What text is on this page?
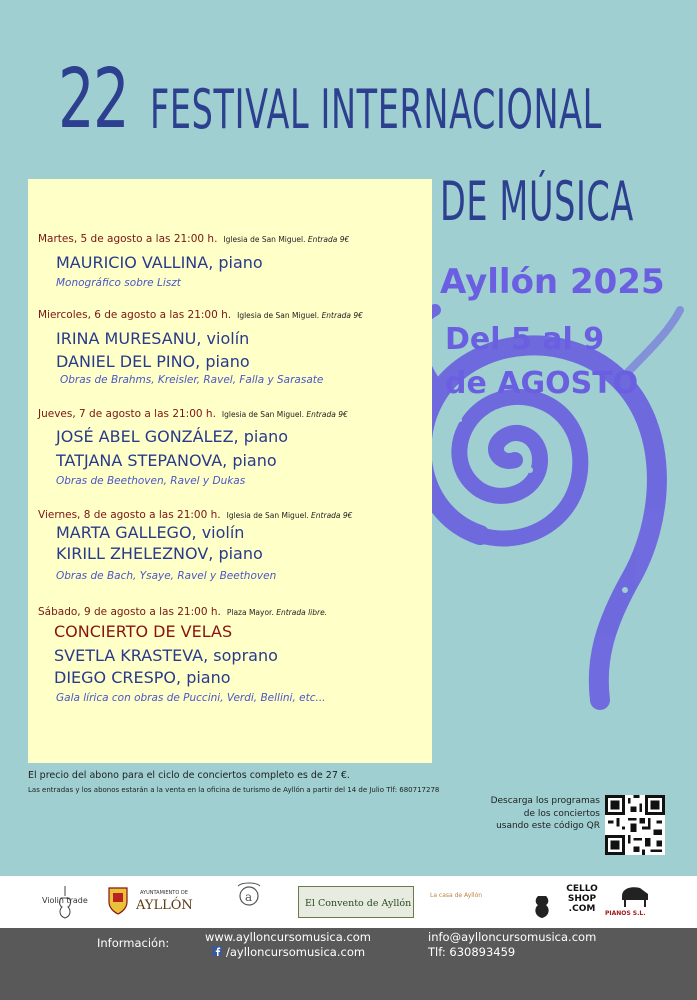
22 FESTIVAL INTERNACIONAL
DE MÚSICA
Ayllón 2025
Del 5 al 9
de AGOSTO
Martes, 5 de agosto a las 21:00 h. Iglesia de San Miguel. Entrada 9€
MAURICIO VALLINA, piano
Monográfico sobre Liszt
Miercoles, 6 de agosto a las 21:00 h. Iglesia de San Miguel. Entrada 9€
IRINA MURESANU, violín
DANIEL DEL PINO, piano
Obras de Brahms, Kreisler, Ravel, Falla y Sarasate
Jueves, 7 de agosto a las 21:00 h. Iglesia de San Miguel. Entrada 9€
JOSÉ ABEL GONZÁLEZ, piano
TATJANA STEPANOVA, piano
Obras de Beethoven, Ravel y Dukas
Viernes, 8 de agosto a las 21:00 h. Iglesia de San Miguel. Entrada 9€
MARTA GALLEGO, violín
KIRILL ZHELEZNOV, piano
Obras de Bach, Ysaye, Ravel y Beethoven
Sábado, 9 de agosto a las 21:00 h. Plaza Mayor. Entrada libre.
CONCIERTO DE VELAS
SVETLA KRASTEVA, soprano
DIEGO CRESPO, piano
Gala lírica con obras de Puccini, Verdi, Bellini, etc...
El precio del abono para el ciclo de conciertos completo es de 27 €.
Las entradas y los abonos estarán a la venta en la oficina de turismo de Ayllón a partir del 14 de Julio Tlf: 680717278
Descarga los programas
de los conciertos
usando este código QR
Violin trade
AYUNTAMIENTO DE
AYLLÓN
a	El Convento de Ayllón
La casa de Ayllón
CELLO SHOP .COM	PIANOS S.L.
Información:	www.aylloncursomusica.com
/aylloncursomusica.com
info@aylloncursomusica.com
Tlf: 630893459
